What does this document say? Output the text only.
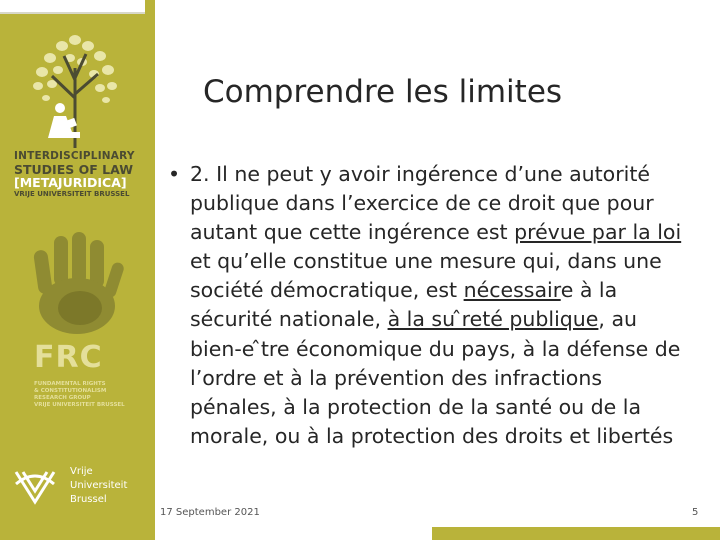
INTERDISCIPLINARY
STUDIES OF LAW
[METAJURIDICA]
VRIJE UNIVERSITEIT BRUSSEL
FRC
FUNDAMENTAL RIGHTS
& CONSTITUTIONALISM
RESEARCH GROUP
VRIJE UNIVERSITEIT BRUSSEL
Vrije
Universiteit
Brussel
Comprendre les limites
• 2. Il ne peut y avoir ingérence d’une autorité publique dans l’exercice de ce droit que pour autant que cette ingérence est prévue par la loi et qu’elle constitue une mesure qui, dans une société démocratique, est nécessaire à la sécurité nationale, à la su ̂reté publique, au bien-e ̂tre économique du pays, à la défense de l’ordre et à la prévention des infractions pénales, à la protection de la santé ou de la morale, ou à la protection des droits et libertés
17 September 2021	5
